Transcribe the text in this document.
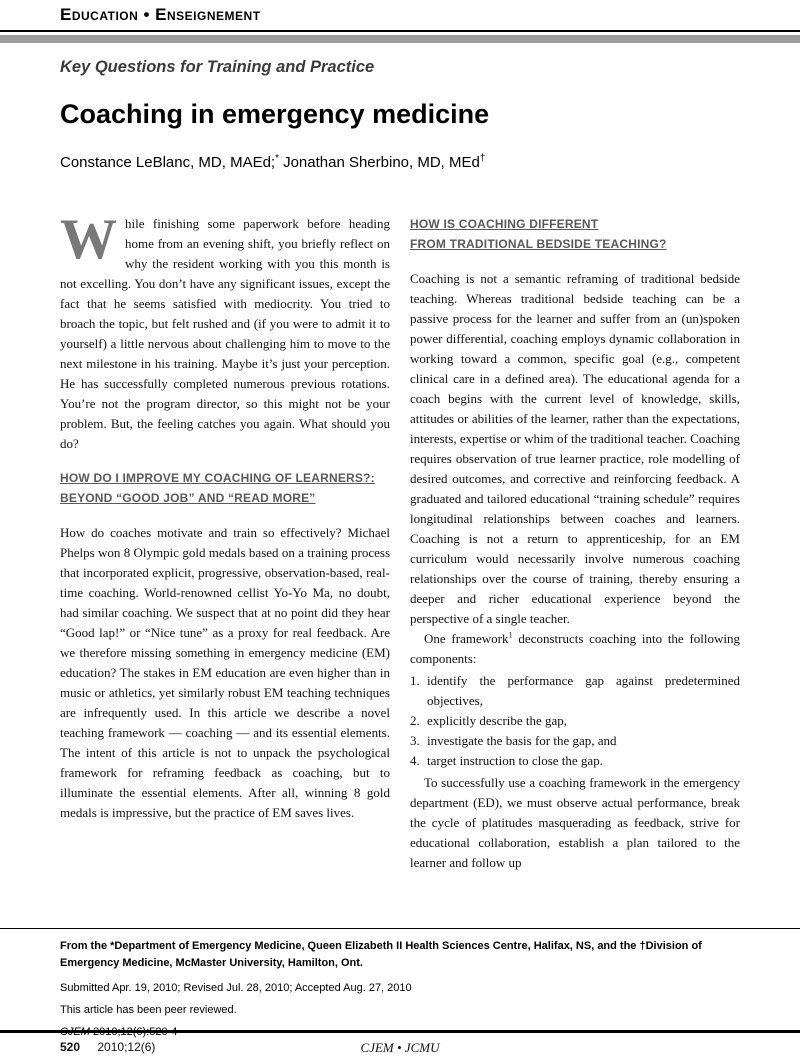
Education • Enseignement
Key Questions for Training and Practice
Coaching in emergency medicine
Constance LeBlanc, MD, MAEd;* Jonathan Sherbino, MD, MEd†

While finishing some paperwork before heading home from an evening shift, you briefly reflect on why the resident working with you this month is not excelling. You don’t have any significant issues, except the fact that he seems satisfied with mediocrity. You tried to broach the topic, but felt rushed and (if you were to admit it to yourself) a little nervous about challenging him to move to the next milestone in his training. Maybe it’s just your perception. He has successfully completed numerous previous rotations. You’re not the program director, so this might not be your problem. But, the feeling catches you again. What should you do?

HOW DO I IMPROVE MY COACHING OF LEARNERS?:
BEYOND “GOOD JOB” AND “READ MORE”

How do coaches motivate and train so effectively? Michael Phelps won 8 Olympic gold medals based on a training process that incorporated explicit, progressive, observation-based, real-time coaching. World-renowned cellist Yo-Yo Ma, no doubt, had similar coaching. We suspect that at no point did they hear “Good lap!” or “Nice tune” as a proxy for real feedback. Are we therefore missing something in emergency medicine (EM) education? The stakes in EM education are even higher than in music or athletics, yet similarly robust EM teaching techniques are infrequently used. In this article we describe a novel teaching framework — coaching — and its essential elements. The intent of this article is not to unpack the psychological framework for reframing feedback as coaching, but to illuminate the essential elements. After all, winning 8 gold medals is impressive, but the practice of EM saves lives.

HOW IS COACHING DIFFERENT
FROM TRADITIONAL BEDSIDE TEACHING?

Coaching is not a semantic reframing of traditional bedside teaching. Whereas traditional bedside teaching can be a passive process for the learner and suffer from an (un)spoken power differential, coaching employs dynamic collaboration in working toward a common, specific goal (e.g., competent clinical care in a defined area). The educational agenda for a coach begins with the current level of knowledge, skills, attitudes or abilities of the learner, rather than the expectations, interests, expertise or whim of the traditional teacher. Coaching requires observation of true learner practice, role modelling of desired outcomes, and corrective and reinforcing feedback. A graduated and tailored educational “training schedule” requires longitudinal relationships between coaches and learners. Coaching is not a return to apprenticeship, for an EM curriculum would necessarily involve numerous coaching relationships over the course of training, thereby ensuring a deeper and richer educational experience beyond the perspective of a single teacher.

One framework$^1$ deconstructs coaching into the following components:

1. identify the performance gap against predetermined objectives,
2. explicitly describe the gap,
3. investigate the basis for the gap, and
4. target instruction to close the gap.

To successfully use a coaching framework in the emergency department (ED), we must observe actual performance, break the cycle of platitudes masquerading as feedback, strive for educational collaboration, establish a plan tailored to the learner and follow up

From the *Department of Emergency Medicine, Queen Elizabeth II Health Sciences Centre, Halifax, NS, and the †Division of Emergency Medicine, McMaster University, Hamilton, Ont.

Submitted Apr. 19, 2010; Revised Jul. 28, 2010; Accepted Aug. 27, 2010

This article has been peer reviewed.

CJEM • JCMU
520 2010;12(6)
